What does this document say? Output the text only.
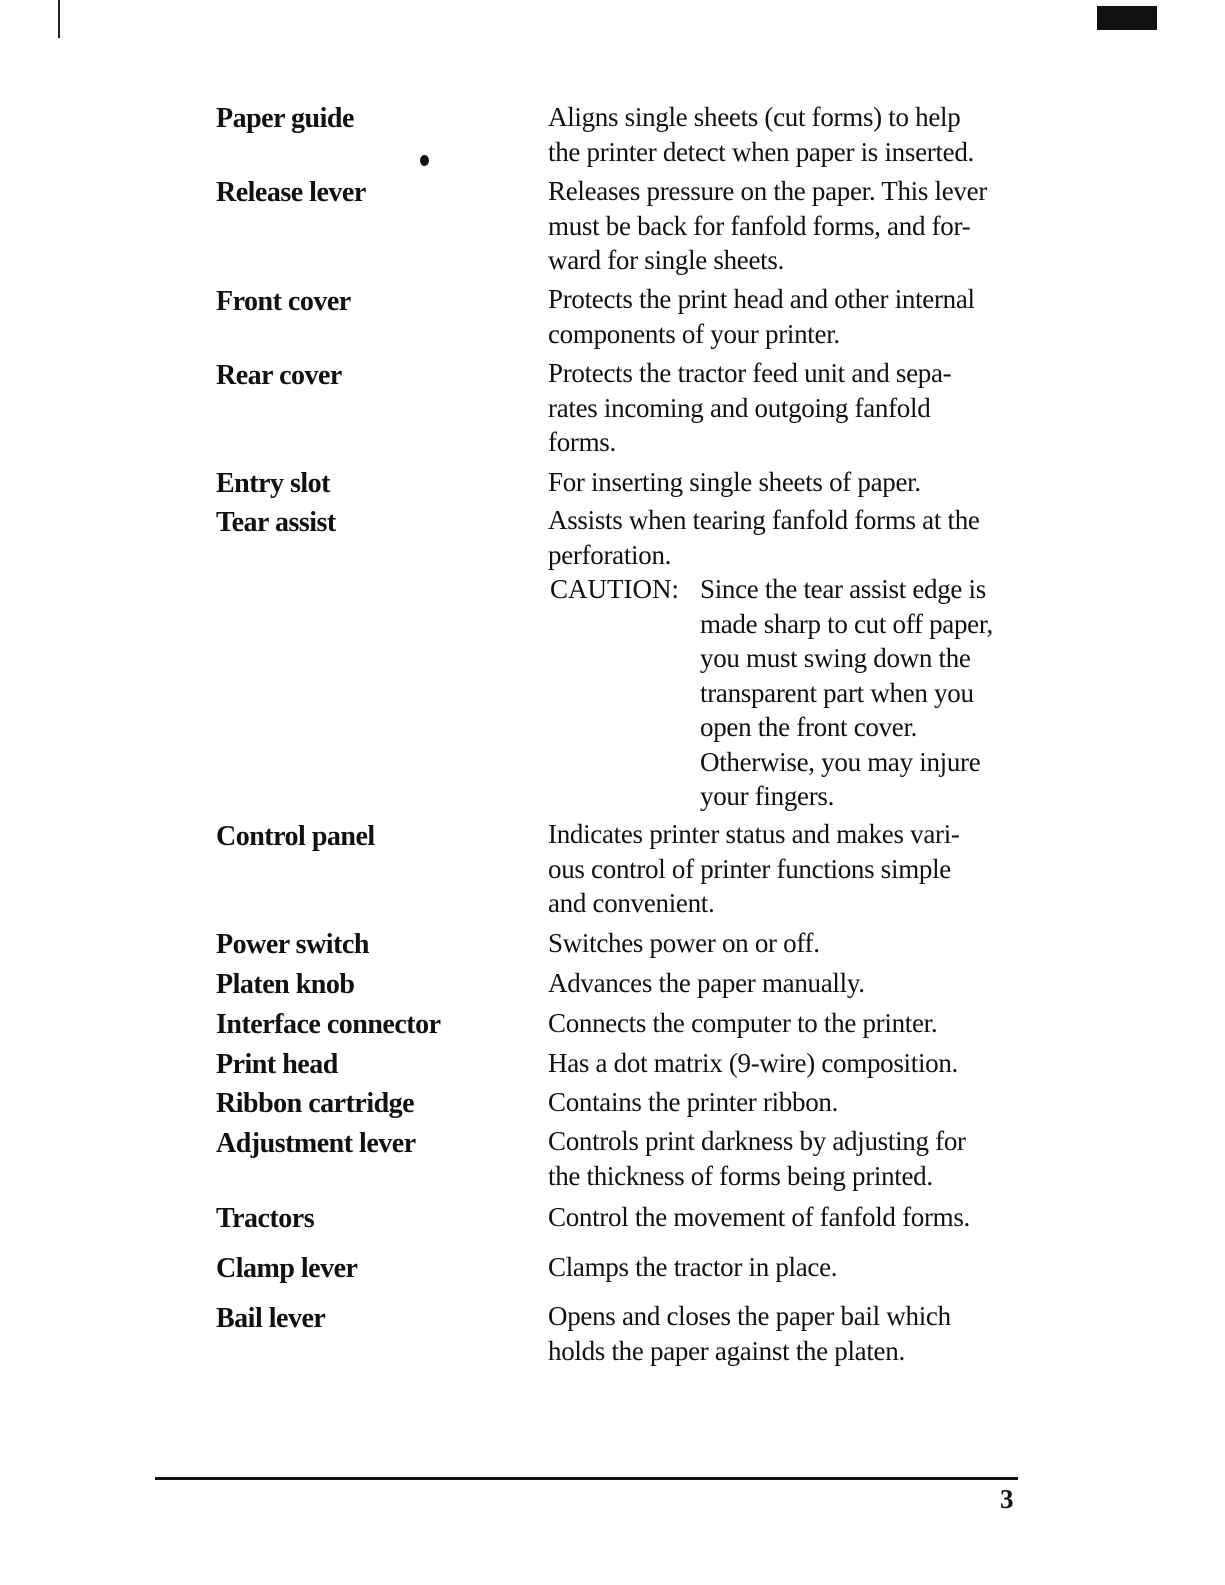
Paper guide	Aligns single sheets (cut forms) to help
the printer detect when paper is inserted.
Release lever	Releases pressure on the paper. This lever
must be back for fanfold forms, and for-
ward for single sheets.
Front cover	Protects the print head and other internal
components of your printer.
Rear cover	Protects the tractor feed unit and sepa-
rates incoming and outgoing fanfold
forms.
Entry slot	For inserting single sheets of paper.
Tear assist	Assists when tearing fanfold forms at the
perforation.
CAUTION: Since the tear assist edge is
made sharp to cut off paper,
you must swing down the
transparent part when you
open the front cover.
Otherwise, you may injure
your fingers.
Control panel	Indicates printer status and makes vari-
ous control of printer functions simple
and convenient.
Power switch	Switches power on or off.
Platen knob	Advances the paper manually.
Interface connector	Connects the computer to the printer.
Print head	Has a dot matrix (9-wire) composition.
Ribbon cartridge	Contains the printer ribbon.
Adjustment lever	Controls print darkness by adjusting for
the thickness of forms being printed.
Tractors	Control the movement of fanfold forms.
Clamp lever	Clamps the tractor in place.
Bail lever	Opens and closes the paper bail which
holds the paper against the platen.
3
